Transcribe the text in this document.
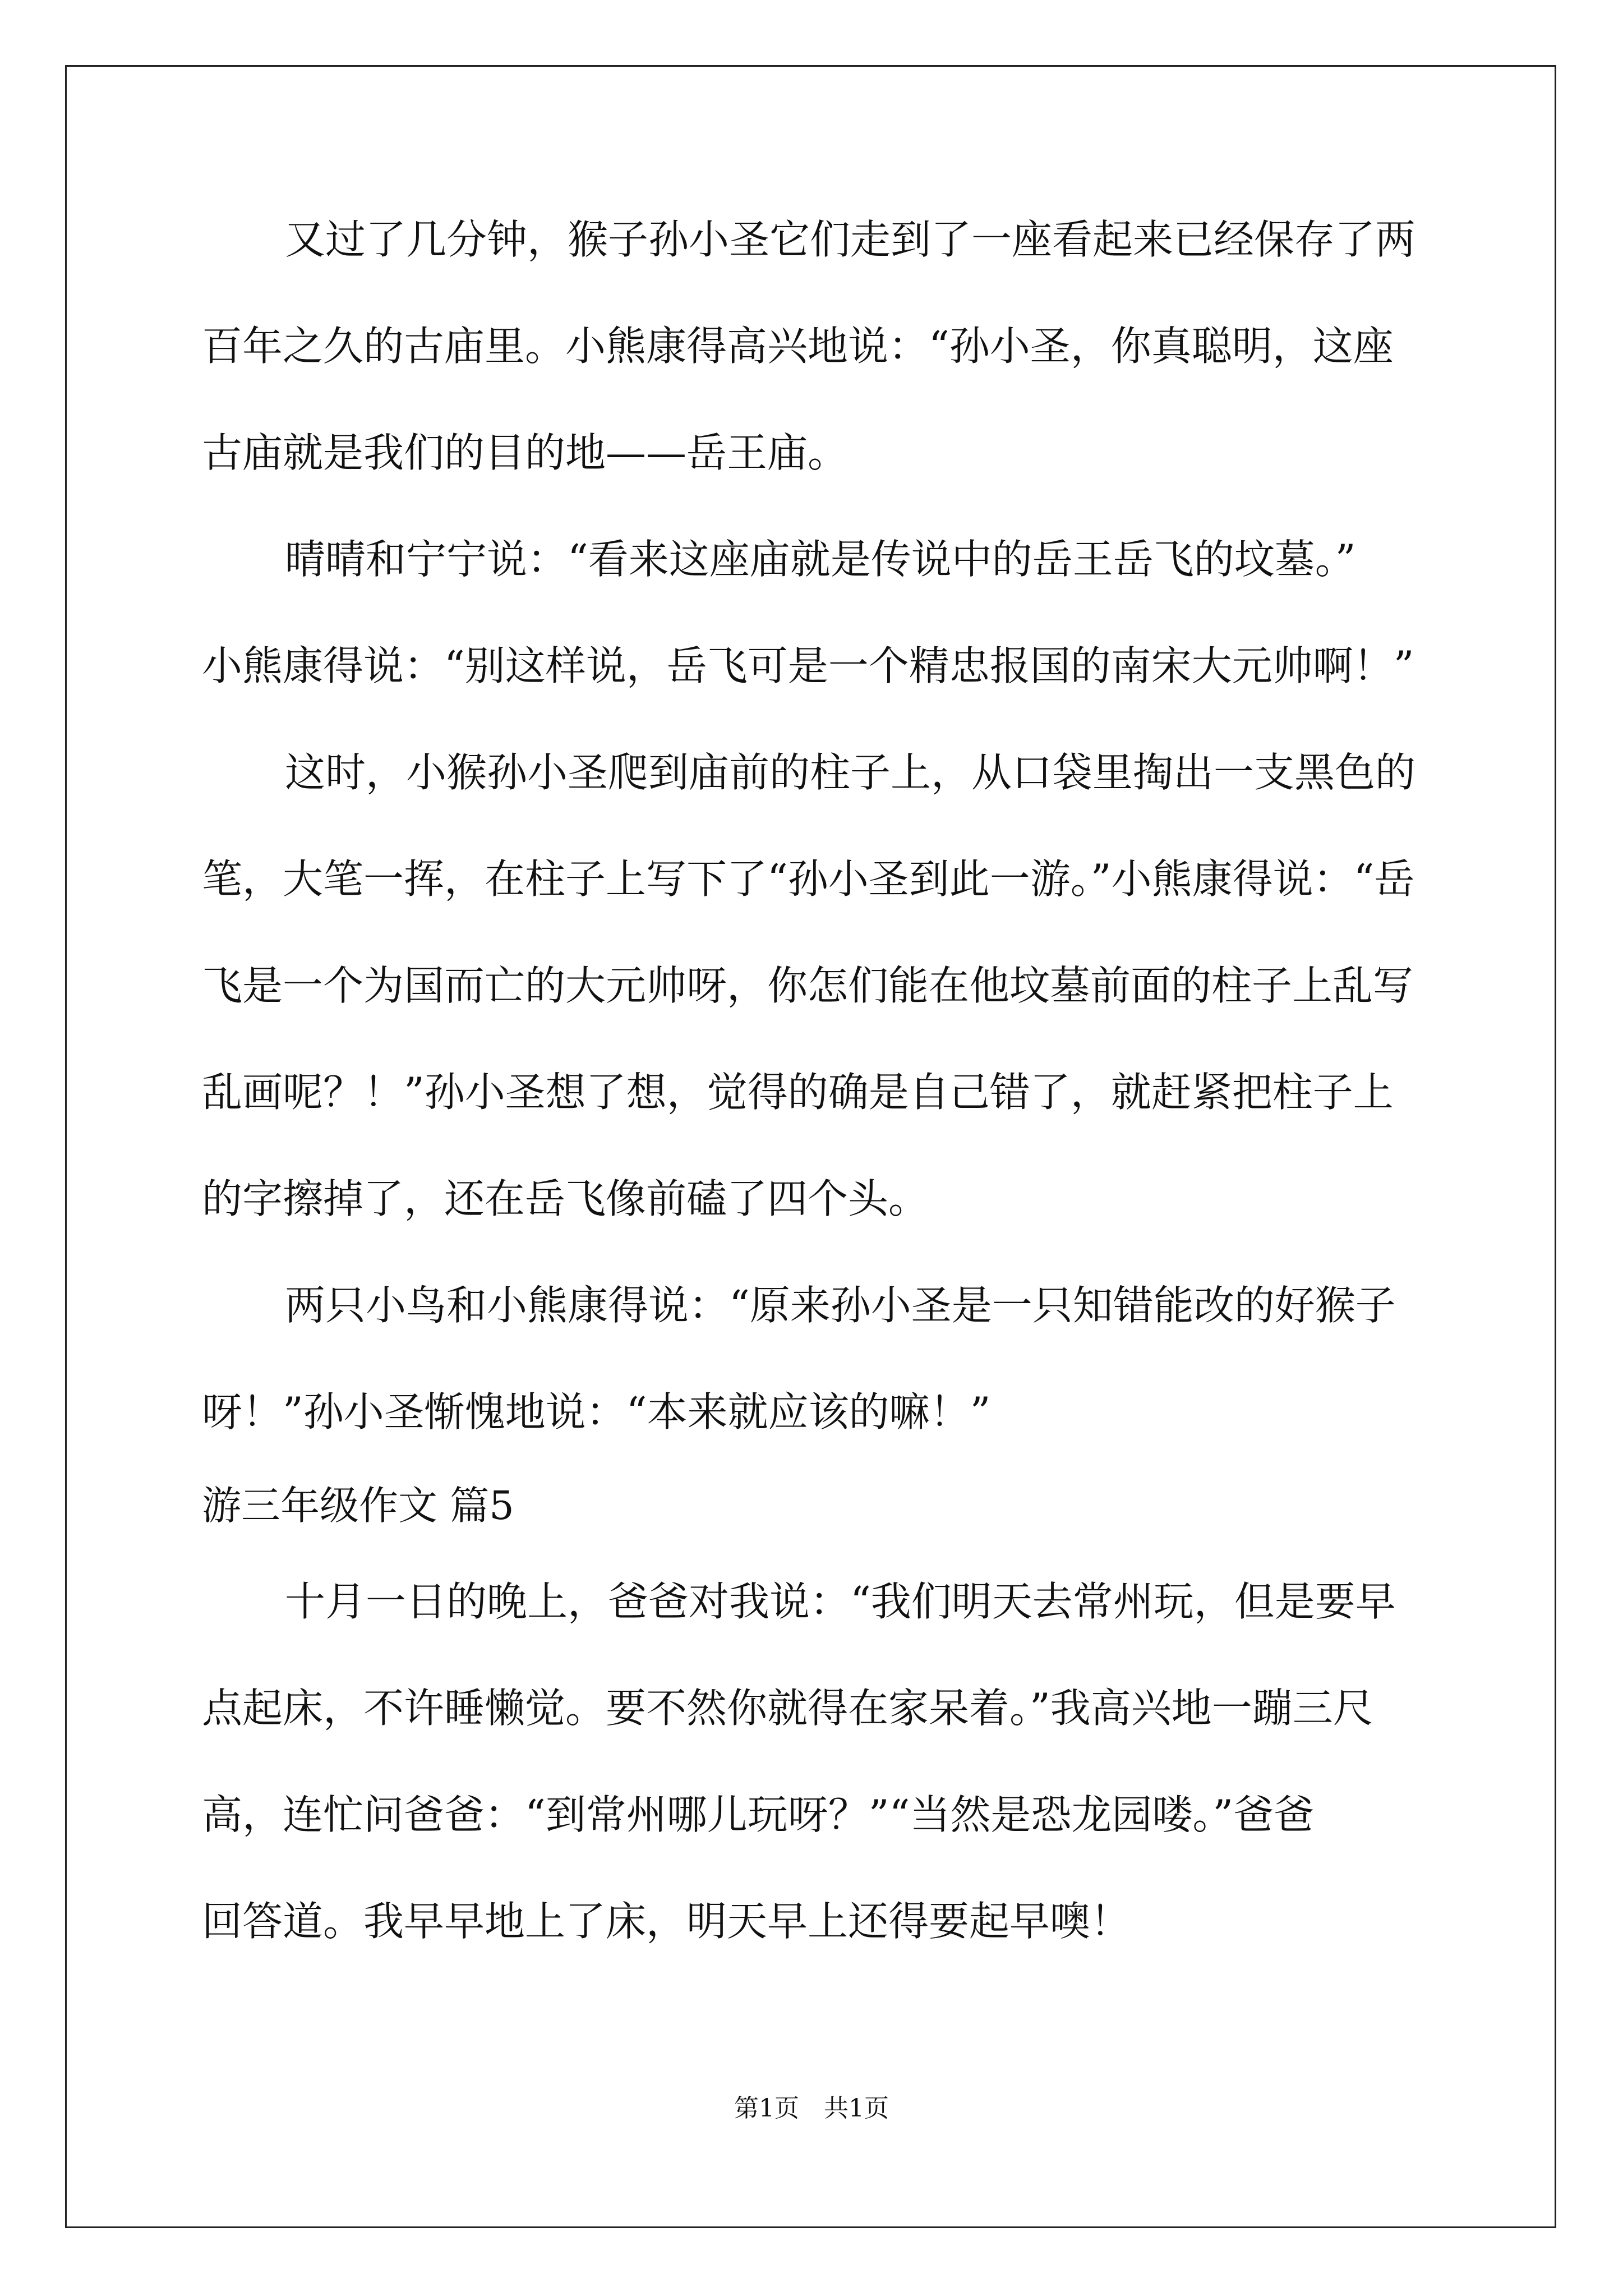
又过了几分钟，猴子孙小圣它们走到了一座看起来已经保存了两
百年之久的古庙里。小熊康得高兴地说：“孙小圣，你真聪明，这座
古庙就是我们的目的地——岳王庙。
晴晴和宁宁说：“看来这座庙就是传说中的岳王岳飞的坟墓。”
小熊康得说：“别这样说，岳飞可是一个精忠报国的南宋大元帅啊！”
这时，小猴孙小圣爬到庙前的柱子上，从口袋里掏出一支黑色的
笔，大笔一挥，在柱子上写下了“孙小圣到此一游。”小熊康得说：“岳
飞是一个为国而亡的大元帅呀，你怎们能在他坟墓前面的柱子上乱写
乱画呢？！”孙小圣想了想，觉得的确是自己错了，就赶紧把柱子上
的字擦掉了，还在岳飞像前磕了四个头。
两只小鸟和小熊康得说：“原来孙小圣是一只知错能改的好猴子
呀！”孙小圣惭愧地说：“本来就应该的嘛！”
游三年级作文 篇5
十月一日的晚上，爸爸对我说：“我们明天去常州玩，但是要早
点起床，不许睡懒觉。要不然你就得在家呆着。”我高兴地一蹦三尺
高，连忙问爸爸：“到常州哪儿玩呀？”“当然是恐龙园喽。”爸爸
回答道。我早早地上了床，明天早上还得要起早噢！
第1页　共1页
